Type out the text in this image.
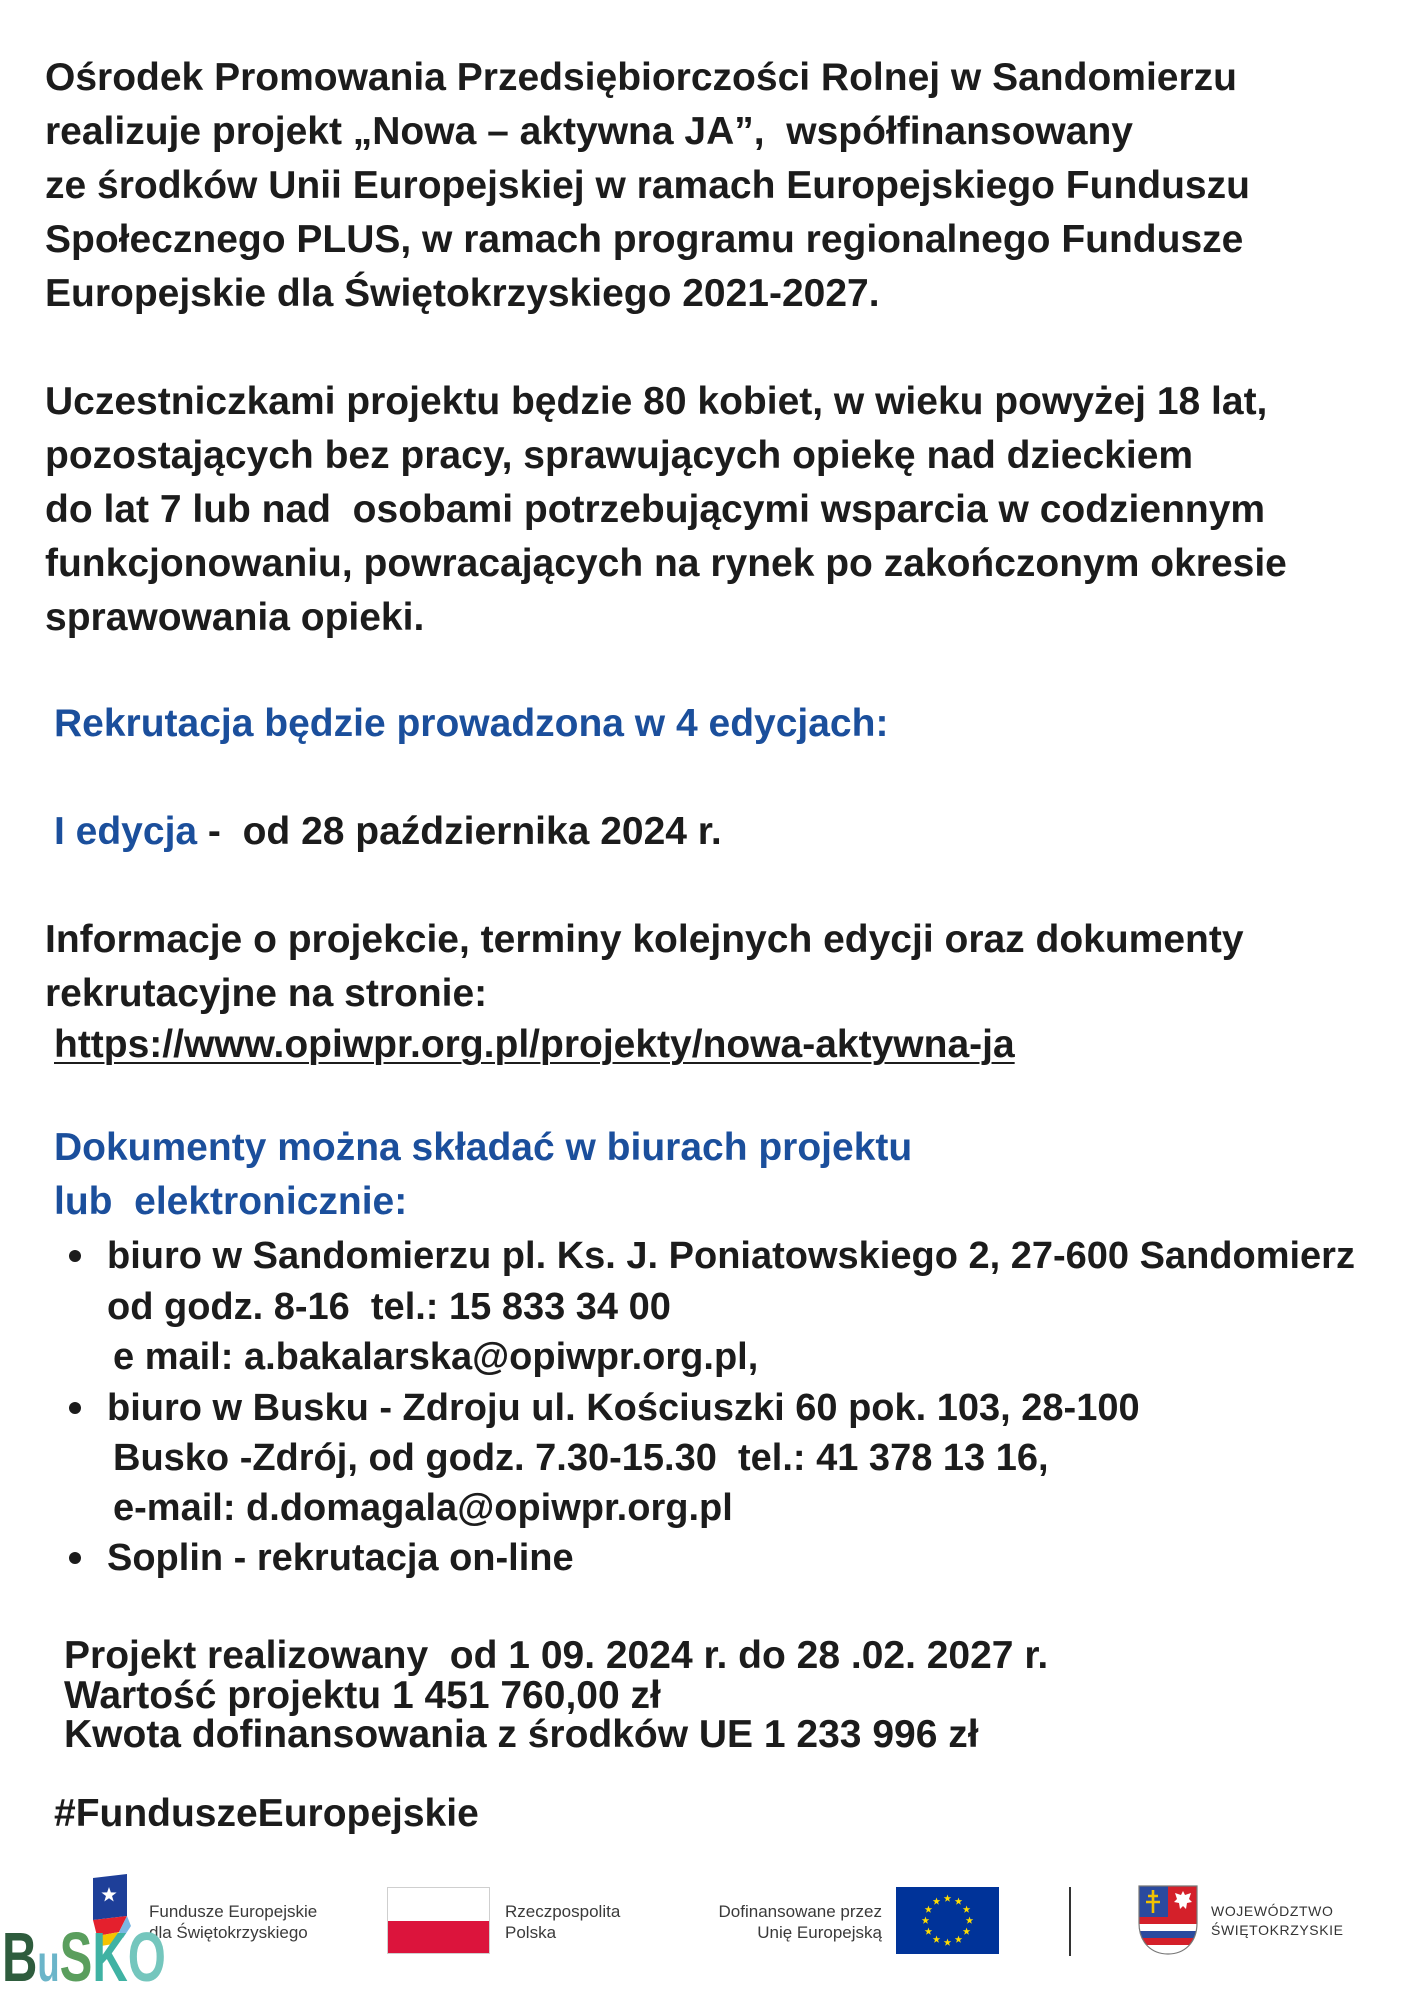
Ośrodek Promowania Przedsiębiorczości Rolnej w Sandomierzu
realizuje projekt „Nowa – aktywna JA”,  współfinansowany
ze środków Unii Europejskiej w ramach Europejskiego Funduszu
Społecznego PLUS, w ramach programu regionalnego Fundusze
Europejskie dla Świętokrzyskiego 2021-2027.
Uczestniczkami projektu będzie 80 kobiet, w wieku powyżej 18 lat,
pozostających bez pracy, sprawujących opiekę nad dzieckiem
do lat 7 lub nad  osobami potrzebującymi wsparcia w codziennym
funkcjonowaniu, powracających na rynek po zakończonym okresie
sprawowania opieki.
Rekrutacja będzie prowadzona w 4 edycjach:
I edycja -  od 28 października 2024 r.
Informacje o projekcie, terminy kolejnych edycji oraz dokumenty
rekrutacyjne na stronie:
https://www.opiwpr.org.pl/projekty/nowa-aktywna-ja
Dokumenty można składać w biurach projektu
lub  elektronicznie:
biuro w Sandomierzu pl. Ks. J. Poniatowskiego 2, 27-600 Sandomierz
od godz. 8-16  tel.: 15 833 34 00
e mail: a.bakalarska@opiwpr.org.pl,
biuro w Busku - Zdroju ul. Kościuszki 60 pok. 103, 28-100
Busko -Zdrój, od godz. 7.30-15.30  tel.: 41 378 13 16,
e-mail: d.domagala@opiwpr.org.pl
Soplin - rekrutacja on-line
Projekt realizowany  od 1 09. 2024 r. do 28 .02. 2027 r.
Wartość projektu 1 451 760,00 zł
Kwota dofinansowania z środków UE 1 233 996 zł
#FunduszeEuropejskie
Fundusze Europejskie
dla Świętokrzyskiego
Rzeczpospolita
Polska
Dofinansowane przez
Unię Europejską
WOJEWÓDZTWO
ŚWIĘTOKRZYSKIE
BuSKO
